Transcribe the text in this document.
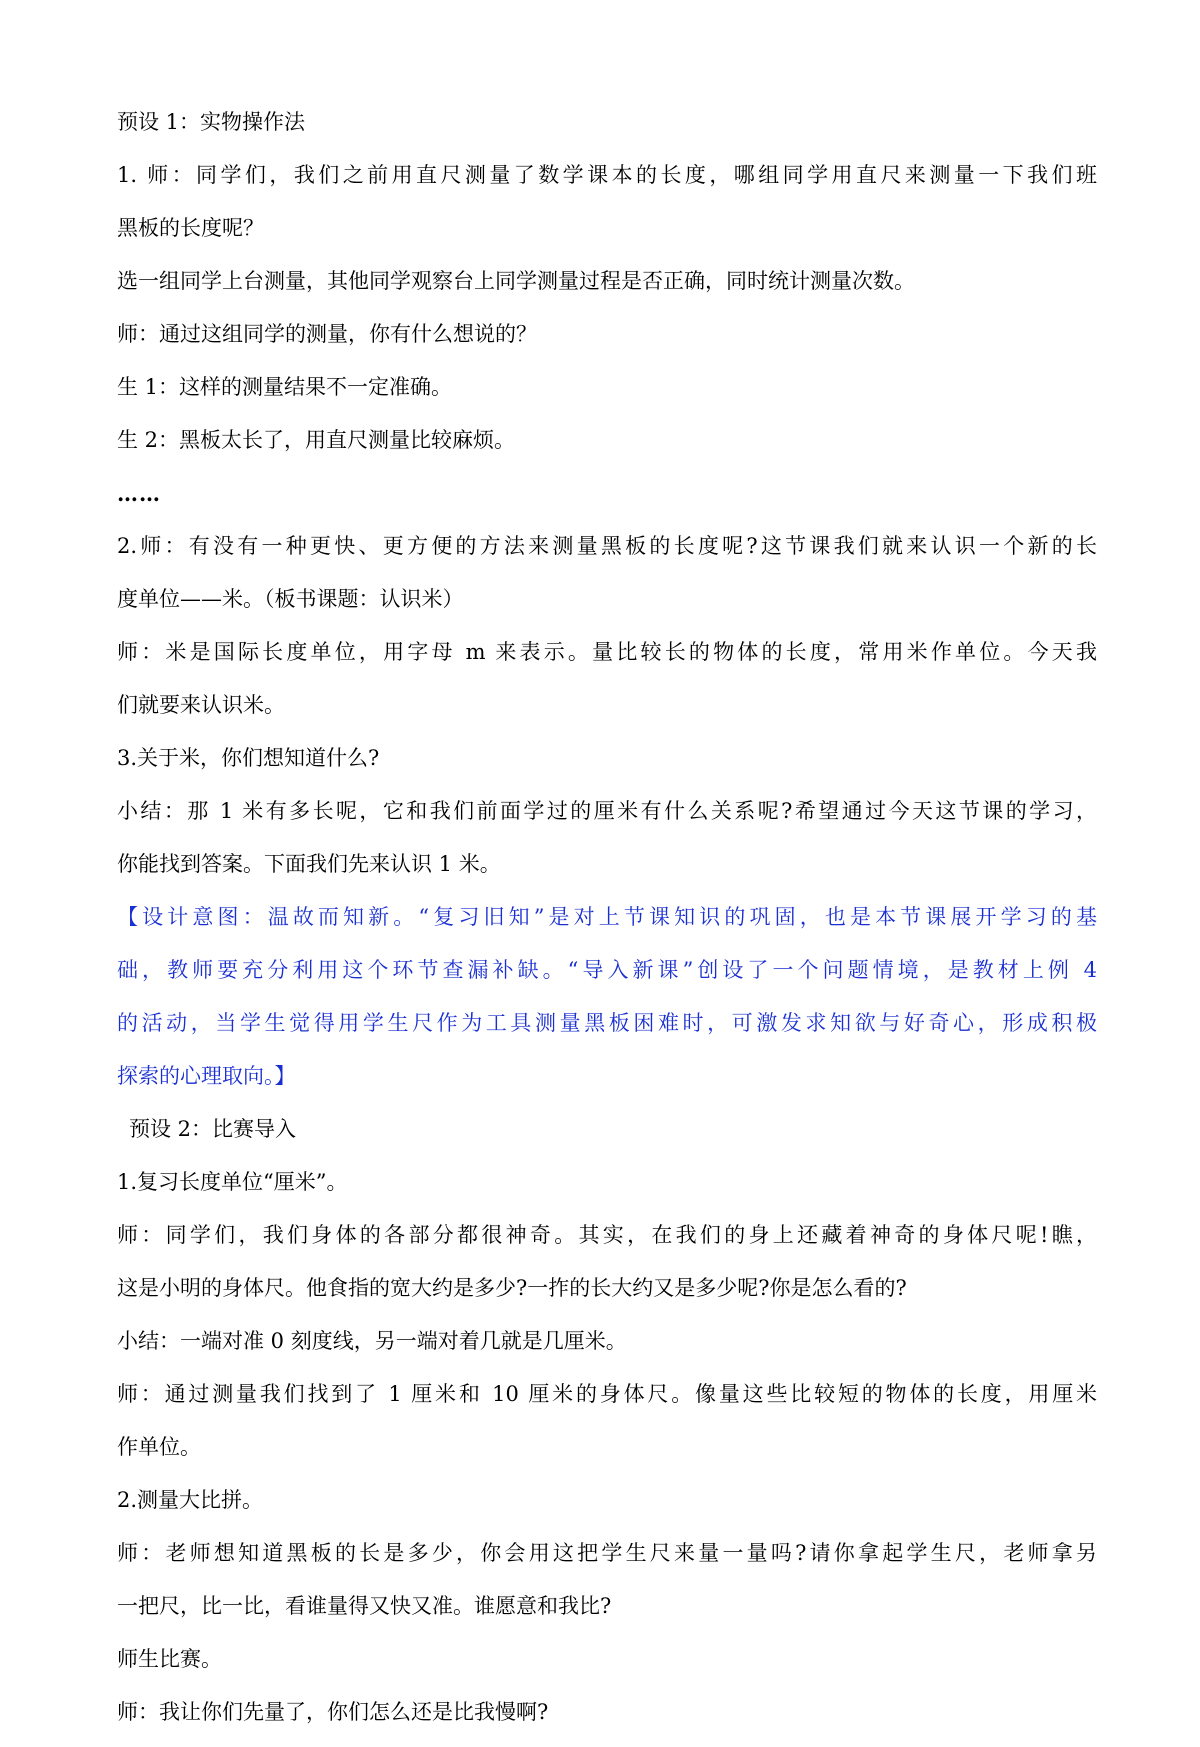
预设 1：实物操作法

1. 师：同学们，我们之前用直尺测量了数学课本的长度，哪组同学用直尺来测量一下我们班
黑板的长度呢？

选一组同学上台测量，其他同学观察台上同学测量过程是否正确，同时统计测量次数。

师：通过这组同学的测量，你有什么想说的？

生 1：这样的测量结果不一定准确。

生 2：黑板太长了，用直尺测量比较麻烦。

……

2.师：有没有一种更快、更方便的方法来测量黑板的长度呢?这节课我们就来认识一个新的长
度单位——米。（板书课题：认识米）
师：米是国际长度单位，用字母 m 来表示。量比较长的物体的长度，常用米作单位。今天我
们就要来认识米。

3.关于米，你们想知道什么?

小结：那 1 米有多长呢，它和我们前面学过的厘米有什么关系呢?希望通过今天这节课的学习，
你能找到答案。下面我们先来认识 1 米。
【设计意图：温故而知新。“复习旧知”是对上节课知识的巩固，也是本节课展开学习的基
础，教师要充分利用这个环节查漏补缺。“导入新课”创设了一个问题情境，是教材上例 4
的活动，当学生觉得用学生尺作为工具测量黑板困难时，可激发求知欲与好奇心，形成积极
探索的心理取向。】

预设 2：比赛导入

1.复习长度单位“厘米”。

师：同学们，我们身体的各部分都很神奇。其实，在我们的身上还藏着神奇的身体尺呢!瞧，
这是小明的身体尺。他食指的宽大约是多少?一拃的长大约又是多少呢?你是怎么看的?

小结：一端对准 0 刻度线，另一端对着几就是几厘米。

师：通过测量我们找到了 1 厘米和 10 厘米的身体尺。像量这些比较短的物体的长度，用厘米
作单位。

2.测量大比拼。

师：老师想知道黑板的长是多少，你会用这把学生尺来量一量吗?请你拿起学生尺，老师拿另
一把尺，比一比，看谁量得又快又准。谁愿意和我比?

师生比赛。

师：我让你们先量了，你们怎么还是比我慢啊?
